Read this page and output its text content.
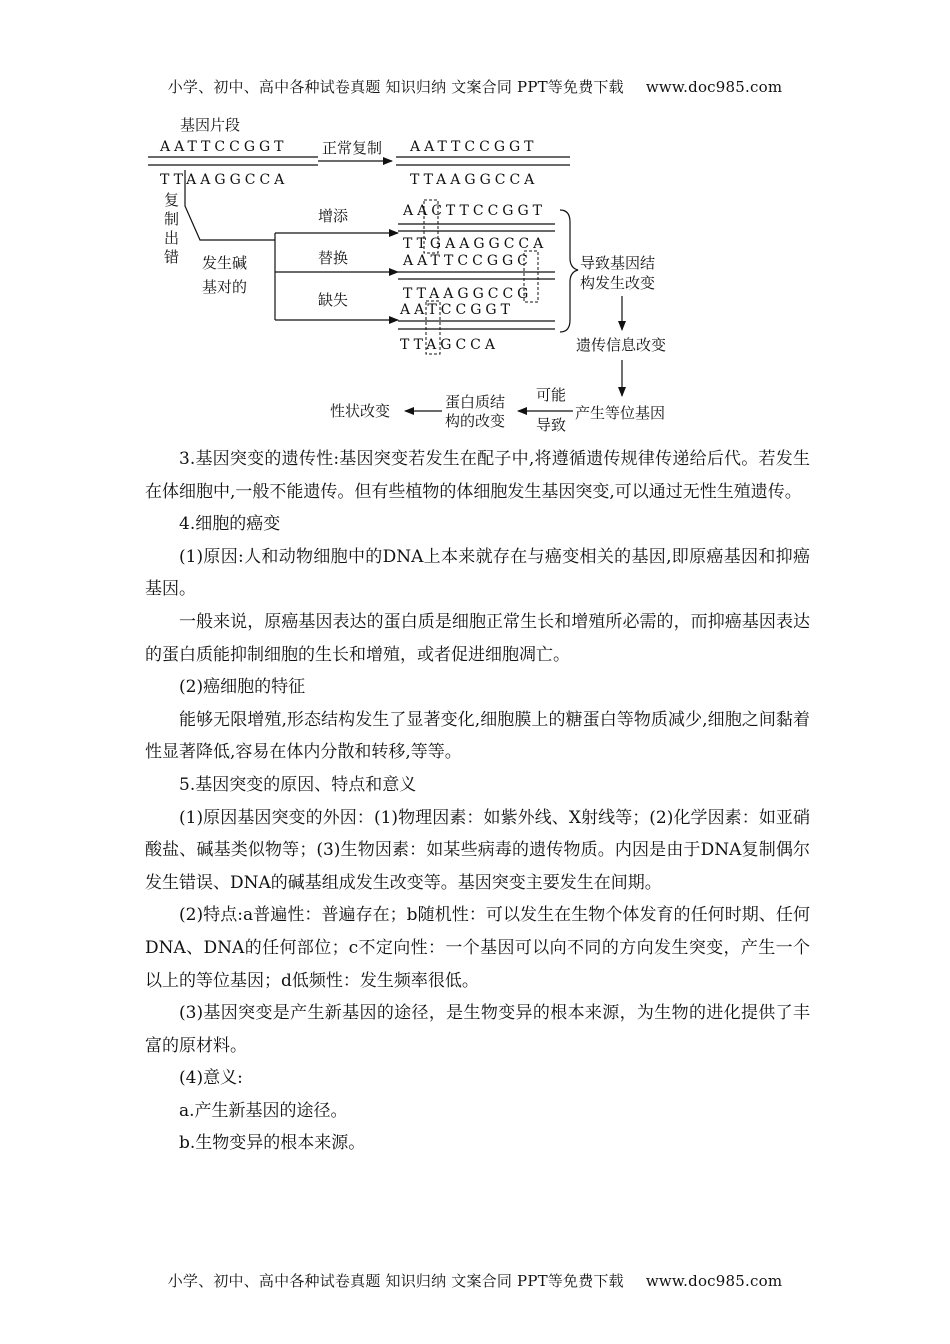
小学、初中、高中各种试卷真题 知识归纳 文案合同 PPT等免费下载 www.doc985.com
基因片段
AATTCCGGT
TTAAGGCCA
正常复制 AATTCCGGT
TTAAGGCCA
复
制
出
错 发生碱
基对的
增添
替换
缺失
AACTTCCGGT
TTGAAGGCCA
AATTCCGGC
TTAAGGCCG
AATCCGGT
TTAGCCA
导致基因结
构发生改变
遗传信息改变
产生等位基因
可能
导致
蛋白质结
构的改变
性状改变

3.基因突变的遗传性:基因突变若发生在配子中,将遵循遗传规律传递给后代。若发生在体细胞中,一般不能遗传。但有些植物的体细胞发生基因突变,可以通过无性生殖遗传。

4.细胞的癌变

(1)原因:人和动物细胞中的DNA上本来就存在与癌变相关的基因,即原癌基因和抑癌基因。

一般来说，原癌基因表达的蛋白质是细胞正常生长和增殖所必需的，而抑癌基因表达的蛋白质能抑制细胞的生长和增殖，或者促进细胞凋亡。

(2)癌细胞的特征

能够无限增殖,形态结构发生了显著变化,细胞膜上的糖蛋白等物质减少,细胞之间黏着性显著降低,容易在体内分散和转移,等等。

5.基因突变的原因、特点和意义

(1)原因基因突变的外因：(1)物理因素：如紫外线、X射线等；(2)化学因素：如亚硝酸盐、碱基类似物等；(3)生物因素：如某些病毒的遗传物质。内因是由于DNA复制偶尔发生错误、DNA的碱基组成发生改变等。基因突变主要发生在间期。

(2)特点:a普遍性：普遍存在；b随机性：可以发生在生物个体发育的任何时期、任何DNA、DNA的任何部位；c不定向性：一个基因可以向不同的方向发生突变，产生一个以上的等位基因；d低频性：发生频率很低。

(3)基因突变是产生新基因的途径，是生物变异的根本来源，为生物的进化提供了丰富的原材料。

(4)意义:

a.产生新基因的途径。

b.生物变异的根本来源。

小学、初中、高中各种试卷真题 知识归纳 文案合同 PPT等免费下载 www.doc985.com
